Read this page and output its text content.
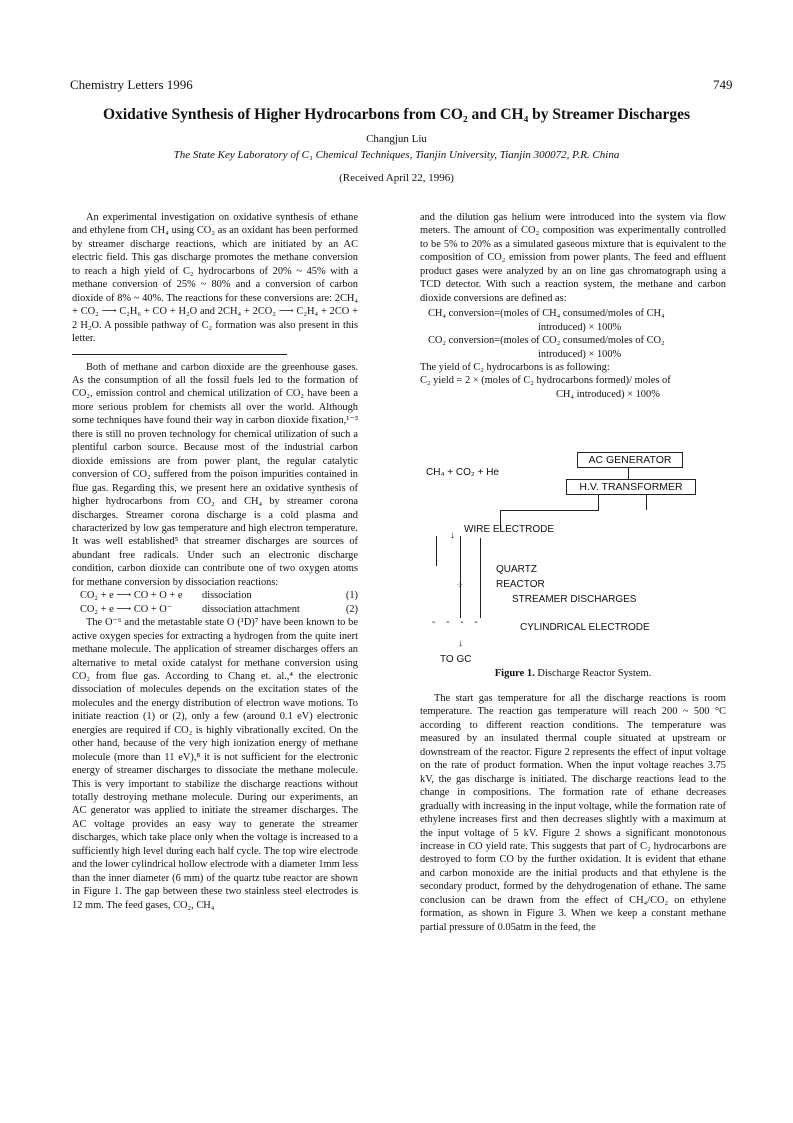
Chemistry Letters 1996	749
Oxidative Synthesis of Higher Hydrocarbons from CO₂ and CH₄ by Streamer Discharges
Changjun Liu
The State Key Laboratory of C₁ Chemical Techniques, Tianjin University, Tianjin 300072, P.R. China
(Received April 22, 1996)

An experimental investigation on oxidative synthesis of ethane and ethylene from CH₄ using CO₂ as an oxidant has been performed by streamer discharge reactions, which are initiated by an AC electric field. This gas discharge promotes the methane conversion to reach a high yield of C₂ hydrocarbons of 20% ~ 45% with a methane conversion of 25% ~ 80% and a conversion of carbon dioxide of 8% ~ 40%. The reactions for these conversions are: 2CH₄ + CO₂ ⟶ C₂H₆ + CO + H₂O and 2CH₄ + 2CO₂ ⟶ C₂H₄ + 2CO + 2 H₂O. A possible pathway of C₂ formation was also present in this letter.

Both of methane and carbon dioxide are the greenhouse gases. As the consumption of all the fossil fuels led to the formation of CO₂, emission control and chemical utilization of CO₂ have been a more serious problem for chemists all over the world. Although some techniques have found their way in carbon dioxide fixation,¹⁻³ there is still no proven technology for chemical utilization of such a plentiful carbon source. Because most of the industrial carbon dioxide emissions are from power plant, the regular catalytic conversion of CO₂ suffered from the poison impurities contained in flue gas. Regarding this, we present here an oxidative synthesis of higher hydrocarbons from CO₂ and CH₄ by streamer corona discharges. Streamer corona discharge is a cold plasma and characterized by low gas temperature and high electron temperature. It was well established⁵ that streamer discharges are sources of abundant free radicals. Under such an electronic discharge condition, carbon dioxide can contribute one of two oxygen atoms for methane conversion by dissociation reactions:

CO₂ + e ⟶ CO + O + e	dissociation	(1)
CO₂ + e ⟶ CO + O⁻	dissociation attachment	(2)

The O⁻⁶ and the metastable state O (¹D)⁷ have been known to be active oxygen species for extracting a hydrogen from the quite inert methane molecule. The application of streamer discharges offers an alternative to metal oxide catalyst for methane conversion using CO₂ from flue gas. According to Chang et. al.,⁴ the electronic dissociation of molecules depends on the excitation states of the molecules and the energy distribution of electron wave motions. To initiate reaction (1) or (2), only a few (around 0.1 eV) electronic energies are required if CO₂ is highly vibrationally excited. On the other hand, because of the very high ionization energy of methane molecule (more than 11 eV),⁸ it is not sufficient for the electronic energy of streamer discharges to dissociate the methane molecule. This is very important to stabilize the discharge reactions without totally destroying methane molecule. During our experiments, an AC generator was applied to initiate the streamer discharges. The AC voltage provides an easy way to generate the streamer discharges, which take place only when the voltage is increased to a sufficiently high level during each half cycle. The top wire electrode and the lower cylindrical hollow electrode with a diameter 1mm less than the inner diameter (6 mm) of the quartz tube reactor are shown in Figure 1. The gap between these two stainless steel electrodes is 12 mm. The feed gases, CO₂, CH₄

and the dilution gas helium were introduced into the system via flow meters. The amount of CO₂ composition was experimentally controlled to be 5% to 20% as a simulated gaseous mixture that is equivalent to the composition of CO₂ emission from power plants. The feed and effluent product gases were analyzed by an on line gas chromatograph using a TCD detector. With such a reaction system, the methane and carbon dioxide conversions are defined as:

CH₄ conversion=(moles of CH₄ consumed/moles of CH₄
introduced) × 100%
CO₂ conversion=(moles of CO₂ consumed/moles of CO₂
introduced) × 100%
The yield of C₂ hydrocarbons is as following:
C₂ yield = 2 × (moles of C₂ hydrocarbons formed)/ moles of
CH₄ introduced) × 100%
AC GENERATOR
H.V. TRANSFORMER
CH₄ + CO₂ + He
WIRE ELECTRODE
↓
QUARTZ
REACTOR
STREAMER DISCHARGES
⁘
- - - -	CYLINDRICAL ELECTRODE
↓
TO GC
Figure 1. Discharge Reactor System.

The start gas temperature for all the discharge reactions is room temperature. The reaction gas temperature will reach 200 ~ 500 °C according to different reaction conditions. The temperature was measured by an insulated thermal couple situated at upstream or downstream of the reactor. Figure 2 represents the effect of input voltage on the rate of product formation. When the input voltage reaches 3.75 kV, the gas discharge is initiated. The discharge reactions lead to the change in compositions. The formation rate of ethane decreases gradually with increasing in the input voltage, while the formation rate of ethylene increases first and then decreases slightly with a maximum at the input voltage of 5 kV. Figure 2 shows a significant monotonous increase in CO yield rate. This suggests that part of C₂ hydrocarbons are destroyed to form CO by the further oxidation. It is evident that ethane and carbon monoxide are the initial products and that ethylene is the secondary product, formed by the dehydrogenation of ethane. The same conclusion can be drawn from the effect of CH₄/CO₂ on ethylene formation, as shown in Figure 3. When we keep a constant methane partial pressure of 0.05atm in the feed, the
